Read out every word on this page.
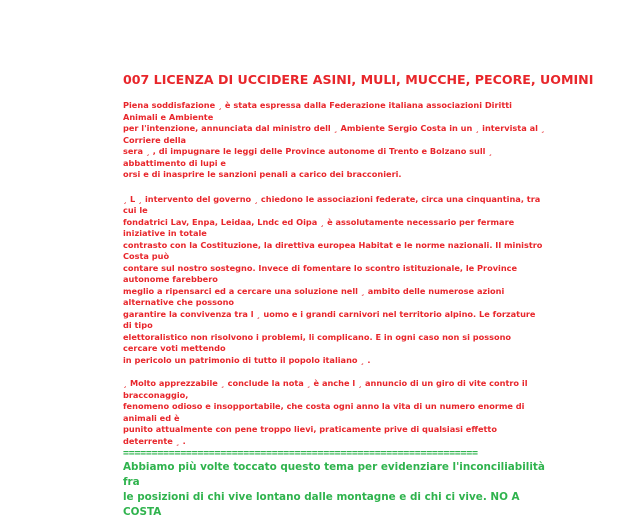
007 LICENZA DI UCCIDERE ASINI, MULI, MUCCHE, PECORE, UOMINI

Piena soddisfazione ¸ è stata espressa dalla Federazione italiana associazioni Diritti Animali e Ambiente
per l'intenzione, annunciata dal ministro dell ¸ Ambiente Sergio Costa in un ¸ intervista al ¸ Corriere della
sera ¸ , di impugnare le leggi delle Province autonome di Trento e Bolzano sull ¸ abbattimento di lupi e
orsi e di inasprire le sanzioni penali a carico dei bracconieri.

¸ L ¸ intervento del governo ¸ chiedono le associazioni federate, circa una cinquantina, tra cui le
fondatrici Lav, Enpa, Leidaa, Lndc ed Oipa ¸ è assolutamente necessario per fermare iniziative in totale
contrasto con la Costituzione, la direttiva europea Habitat e le norme nazionali. Il ministro Costa può
contare sul nostro sostegno. Invece di fomentare lo scontro istituzionale, le Province autonome farebbero
meglio a ripensarci ed a cercare una soluzione nell ¸ ambito delle numerose azioni alternative che possono
garantire la convivenza tra l ¸ uomo e i grandi carnivori nel territorio alpino. Le forzature di tipo
elettoralistico non risolvono i problemi, li complicano. E in ogni caso non si possono cercare voti mettendo
in pericolo un patrimonio di tutto il popolo italiano ¸ .

¸ Molto apprezzabile ¸ conclude la nota ¸ è anche l ¸ annuncio di un giro di vite contro il bracconaggio,
fenomeno odioso e insopportabile, che costa ogni anno la vita di un numero enorme di animali ed è
punito attualmente con pene troppo lievi, praticamente prive di qualsiasi effetto deterrente ¸ .

==============================================================

Abbiamo più volte toccato questo tema per evidenziare l'inconciliabilità fra
le posizioni di chi vive lontano dalle montagne e di chi ci vive. NO A COSTA
